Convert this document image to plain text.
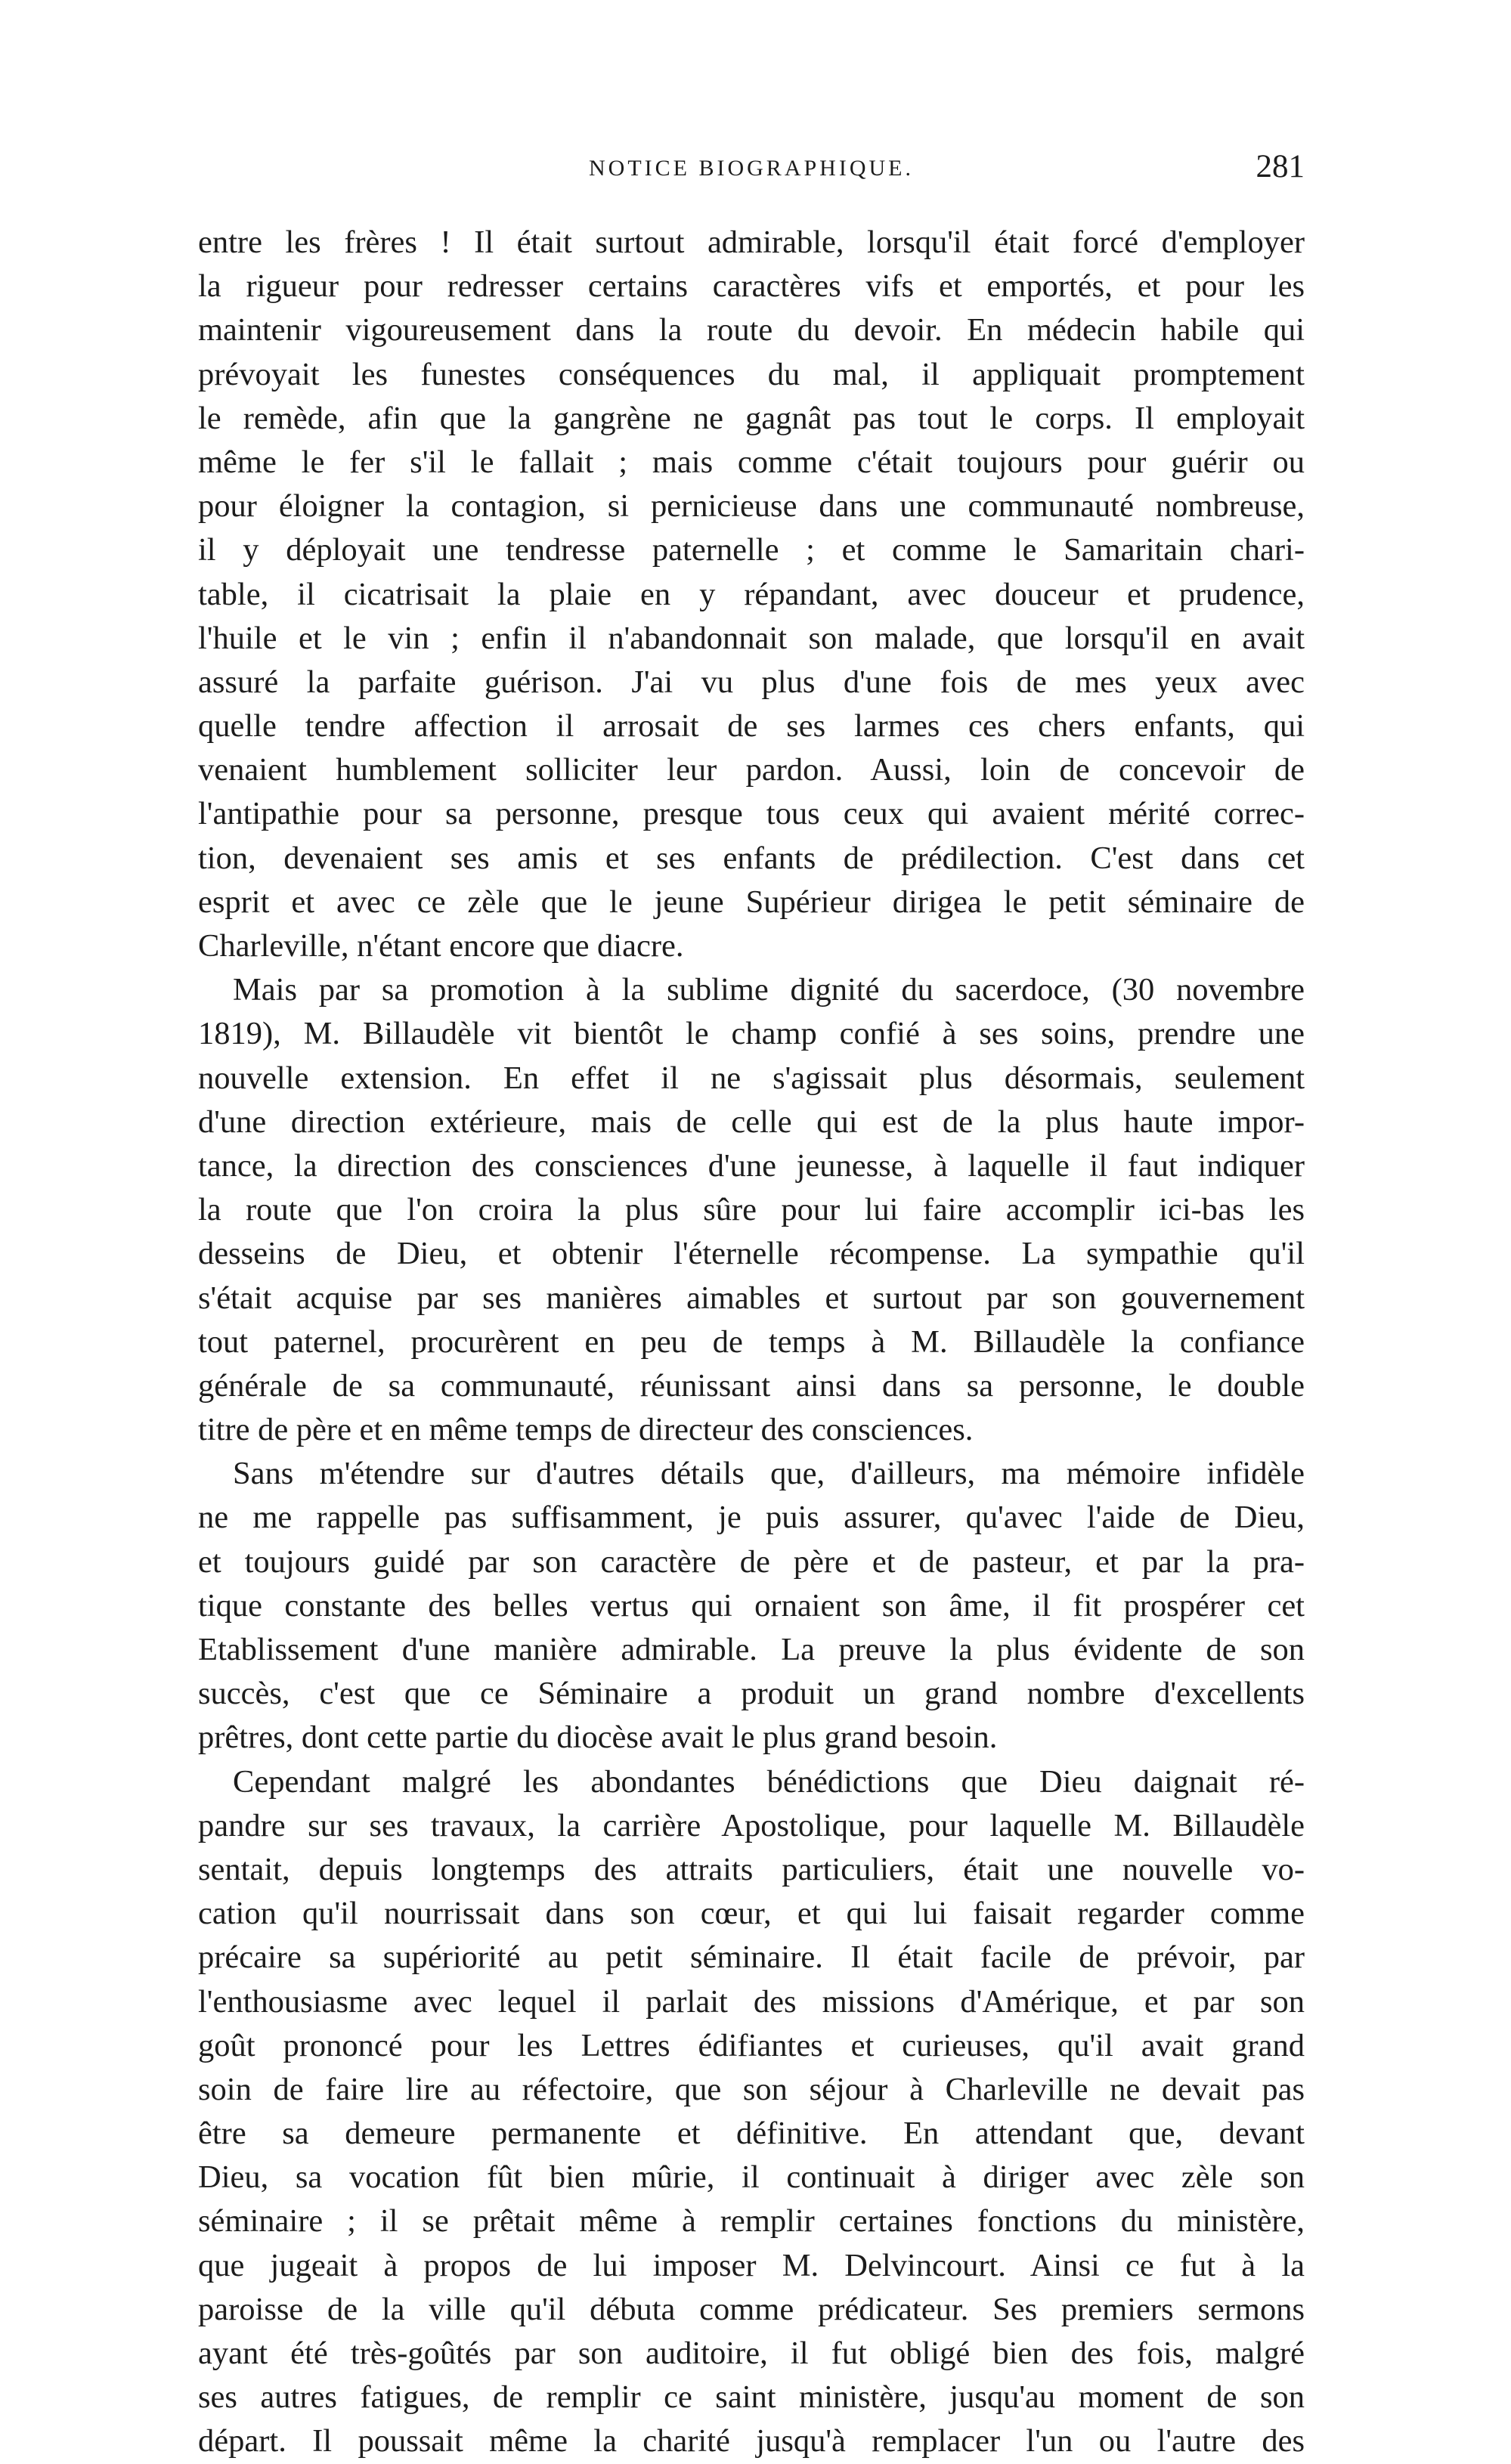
NOTICE BIOGRAPHIQUE.	281
entre les frères ! Il était surtout admirable, lorsqu'il était forcé d'employer
la rigueur pour redresser certains caractères vifs et emportés, et pour les
maintenir vigoureusement dans la route du devoir. En médecin habile qui
prévoyait les funestes conséquences du mal, il appliquait promptement
le remède, afin que la gangrène ne gagnât pas tout le corps. Il employait
même le fer s'il le fallait ; mais comme c'était toujours pour guérir ou
pour éloigner la contagion, si pernicieuse dans une communauté nombreuse,
il y déployait une tendresse paternelle ; et comme le Samaritain chari-
table, il cicatrisait la plaie en y répandant, avec douceur et prudence,
l'huile et le vin ; enfin il n'abandonnait son malade, que lorsqu'il en avait
assuré la parfaite guérison. J'ai vu plus d'une fois de mes yeux avec
quelle tendre affection il arrosait de ses larmes ces chers enfants, qui
venaient humblement solliciter leur pardon. Aussi, loin de concevoir de
l'antipathie pour sa personne, presque tous ceux qui avaient mérité correc-
tion, devenaient ses amis et ses enfants de prédilection. C'est dans cet
esprit et avec ce zèle que le jeune Supérieur dirigea le petit séminaire de
Charleville, n'étant encore que diacre.
Mais par sa promotion à la sublime dignité du sacerdoce, (30 novembre
1819), M. Billaudèle vit bientôt le champ confié à ses soins, prendre une
nouvelle extension. En effet il ne s'agissait plus désormais, seulement
d'une direction extérieure, mais de celle qui est de la plus haute impor-
tance, la direction des consciences d'une jeunesse, à laquelle il faut indiquer
la route que l'on croira la plus sûre pour lui faire accomplir ici-bas les
desseins de Dieu, et obtenir l'éternelle récompense. La sympathie qu'il
s'était acquise par ses manières aimables et surtout par son gouvernement
tout paternel, procurèrent en peu de temps à M. Billaudèle la confiance
générale de sa communauté, réunissant ainsi dans sa personne, le double
titre de père et en même temps de directeur des consciences.
Sans m'étendre sur d'autres détails que, d'ailleurs, ma mémoire infidèle
ne me rappelle pas suffisamment, je puis assurer, qu'avec l'aide de Dieu,
et toujours guidé par son caractère de père et de pasteur, et par la pra-
tique constante des belles vertus qui ornaient son âme, il fit prospérer cet
Etablissement d'une manière admirable. La preuve la plus évidente de son
succès, c'est que ce Séminaire a produit un grand nombre d'excellents
prêtres, dont cette partie du diocèse avait le plus grand besoin.
Cependant malgré les abondantes bénédictions que Dieu daignait ré-
pandre sur ses travaux, la carrière Apostolique, pour laquelle M. Billaudèle
sentait, depuis longtemps des attraits particuliers, était une nouvelle vo-
cation qu'il nourrissait dans son cœur, et qui lui faisait regarder comme
précaire sa supériorité au petit séminaire. Il était facile de prévoir, par
l'enthousiasme avec lequel il parlait des missions d'Amérique, et par son
goût prononcé pour les Lettres édifiantes et curieuses, qu'il avait grand
soin de faire lire au réfectoire, que son séjour à Charleville ne devait pas
être sa demeure permanente et définitive. En attendant que, devant
Dieu, sa vocation fût bien mûrie, il continuait à diriger avec zèle son
séminaire ; il se prêtait même à remplir certaines fonctions du ministère,
que jugeait à propos de lui imposer M. Delvincourt. Ainsi ce fut à la
paroisse de la ville qu'il débuta comme prédicateur. Ses premiers sermons
ayant été très-goûtés par son auditoire, il fut obligé bien des fois, malgré
ses autres fatigues, de remplir ce saint ministère, jusqu'au moment de son
départ. Il poussait même la charité jusqu'à remplacer l'un ou l'autre des
